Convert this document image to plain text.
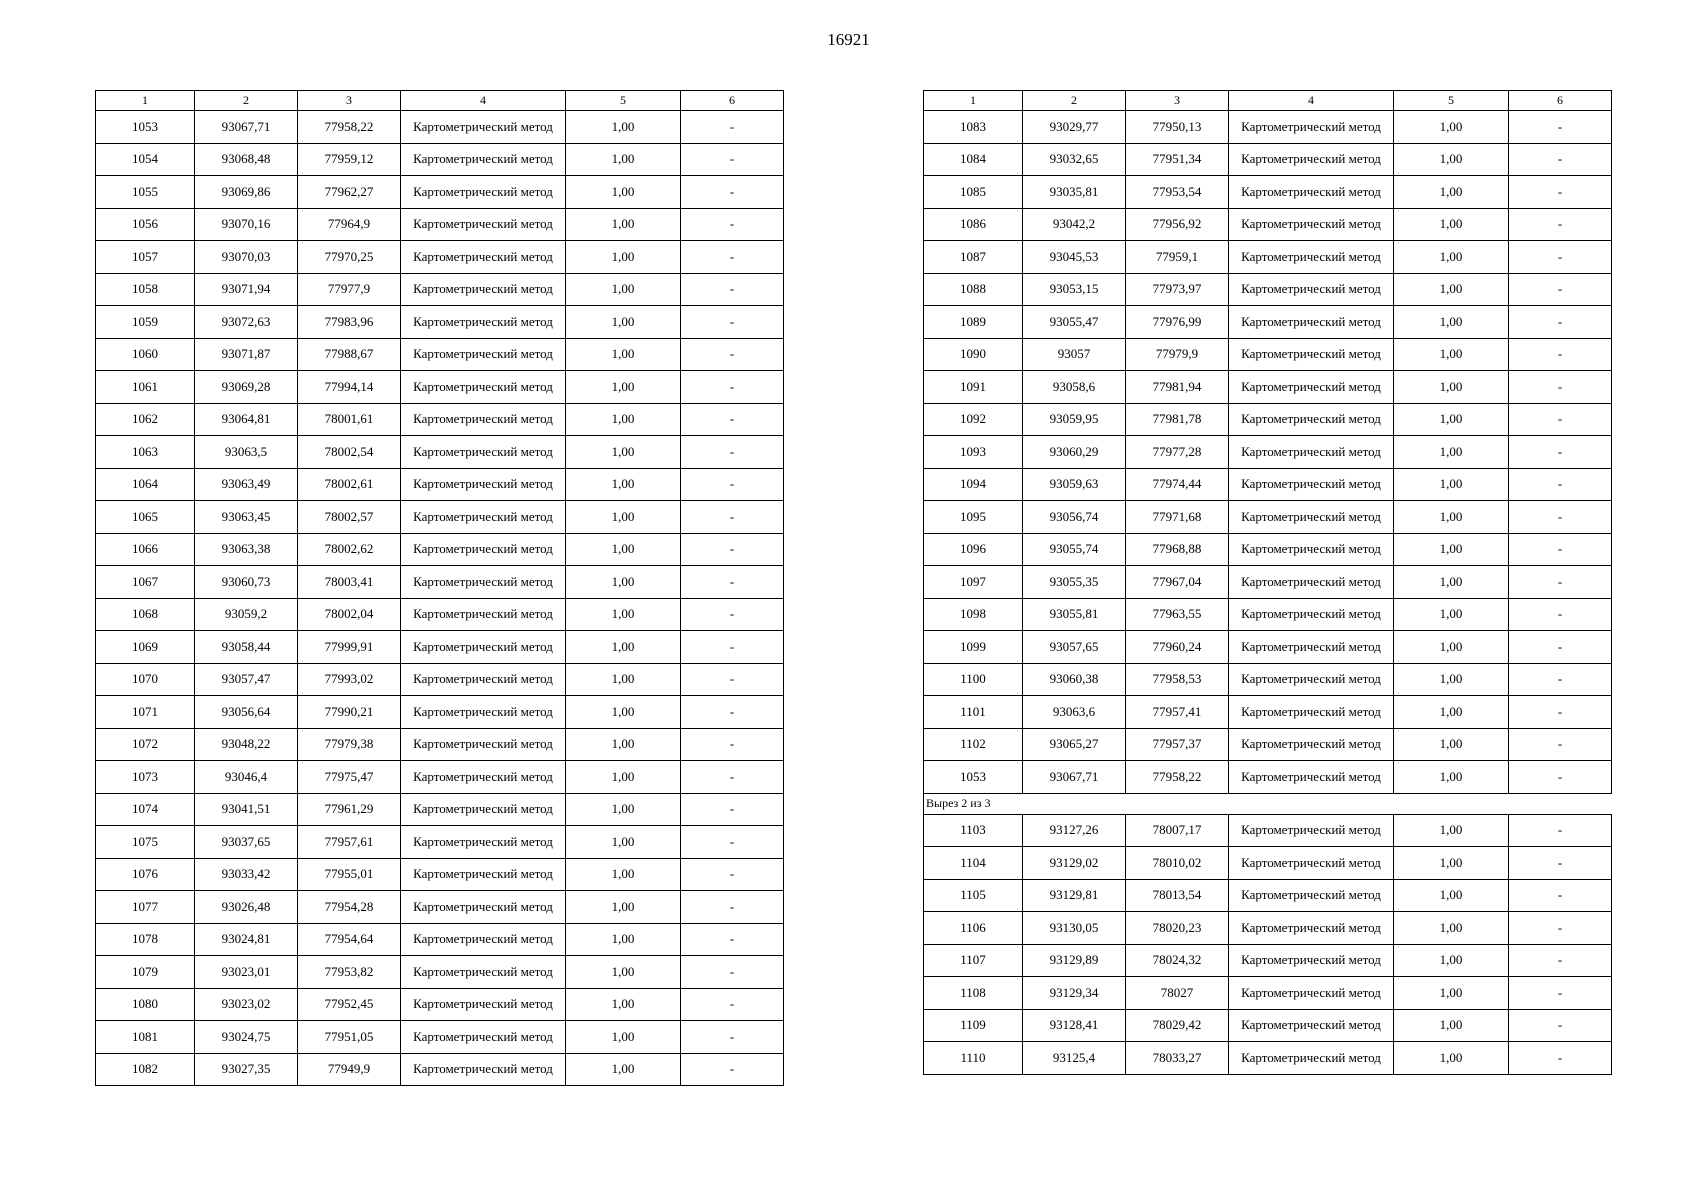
16921
1	2	3	4	5	6
1053	93067,71	77958,22	Картометрический метод	1,00	-
1054	93068,48	77959,12	Картометрический метод	1,00	-
1055	93069,86	77962,27	Картометрический метод	1,00	-
1056	93070,16	77964,9	Картометрический метод	1,00	-
1057	93070,03	77970,25	Картометрический метод	1,00	-
1058	93071,94	77977,9	Картометрический метод	1,00	-
1059	93072,63	77983,96	Картометрический метод	1,00	-
1060	93071,87	77988,67	Картометрический метод	1,00	-
1061	93069,28	77994,14	Картометрический метод	1,00	-
1062	93064,81	78001,61	Картометрический метод	1,00	-
1063	93063,5	78002,54	Картометрический метод	1,00	-
1064	93063,49	78002,61	Картометрический метод	1,00	-
1065	93063,45	78002,57	Картометрический метод	1,00	-
1066	93063,38	78002,62	Картометрический метод	1,00	-
1067	93060,73	78003,41	Картометрический метод	1,00	-
1068	93059,2	78002,04	Картометрический метод	1,00	-
1069	93058,44	77999,91	Картометрический метод	1,00	-
1070	93057,47	77993,02	Картометрический метод	1,00	-
1071	93056,64	77990,21	Картометрический метод	1,00	-
1072	93048,22	77979,38	Картометрический метод	1,00	-
1073	93046,4	77975,47	Картометрический метод	1,00	-
1074	93041,51	77961,29	Картометрический метод	1,00	-
1075	93037,65	77957,61	Картометрический метод	1,00	-
1076	93033,42	77955,01	Картометрический метод	1,00	-
1077	93026,48	77954,28	Картометрический метод	1,00	-
1078	93024,81	77954,64	Картометрический метод	1,00	-
1079	93023,01	77953,82	Картометрический метод	1,00	-
1080	93023,02	77952,45	Картометрический метод	1,00	-
1081	93024,75	77951,05	Картометрический метод	1,00	-
1082	93027,35	77949,9	Картометрический метод	1,00	-
1	2	3	4	5	6
1083	93029,77	77950,13	Картометрический метод	1,00	-
1084	93032,65	77951,34	Картометрический метод	1,00	-
1085	93035,81	77953,54	Картометрический метод	1,00	-
1086	93042,2	77956,92	Картометрический метод	1,00	-
1087	93045,53	77959,1	Картометрический метод	1,00	-
1088	93053,15	77973,97	Картометрический метод	1,00	-
1089	93055,47	77976,99	Картометрический метод	1,00	-
1090	93057	77979,9	Картометрический метод	1,00	-
1091	93058,6	77981,94	Картометрический метод	1,00	-
1092	93059,95	77981,78	Картометрический метод	1,00	-
1093	93060,29	77977,28	Картометрический метод	1,00	-
1094	93059,63	77974,44	Картометрический метод	1,00	-
1095	93056,74	77971,68	Картометрический метод	1,00	-
1096	93055,74	77968,88	Картометрический метод	1,00	-
1097	93055,35	77967,04	Картометрический метод	1,00	-
1098	93055,81	77963,55	Картометрический метод	1,00	-
1099	93057,65	77960,24	Картометрический метод	1,00	-
1100	93060,38	77958,53	Картометрический метод	1,00	-
1101	93063,6	77957,41	Картометрический метод	1,00	-
1102	93065,27	77957,37	Картометрический метод	1,00	-
1053	93067,71	77958,22	Картометрический метод	1,00	-
Вырез 2 из 3					
1103	93127,26	78007,17	Картометрический метод	1,00	-
1104	93129,02	78010,02	Картометрический метод	1,00	-
1105	93129,81	78013,54	Картометрический метод	1,00	-
1106	93130,05	78020,23	Картометрический метод	1,00	-
1107	93129,89	78024,32	Картометрический метод	1,00	-
1108	93129,34	78027	Картометрический метод	1,00	-
1109	93128,41	78029,42	Картометрический метод	1,00	-
1110	93125,4	78033,27	Картометрический метод	1,00	-
